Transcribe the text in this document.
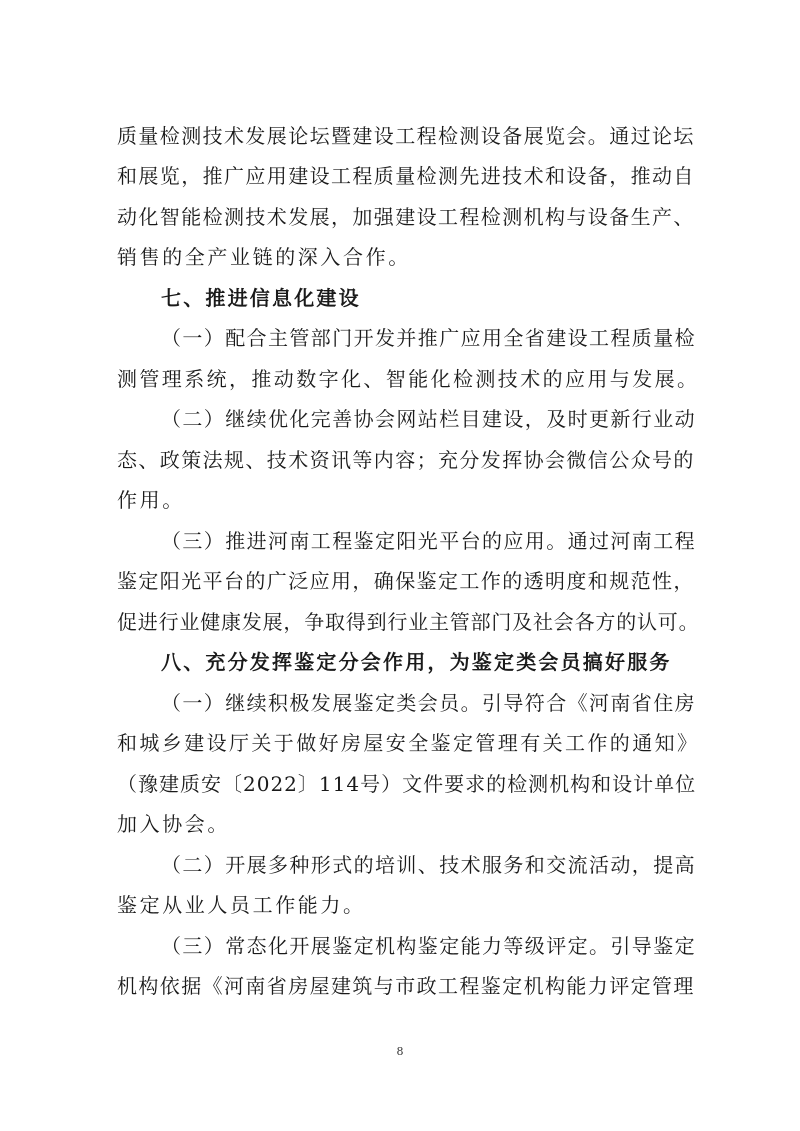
质量检测技术发展论坛暨建设工程检测设备展览会。通过论坛
和展览，推广应用建设工程质量检测先进技术和设备，推动自
动化智能检测技术发展，加强建设工程检测机构与设备生产、
销售的全产业链的深入合作。
七、推进信息化建设
（一）配合主管部门开发并推广应用全省建设工程质量检
测管理系统，推动数字化、智能化检测技术的应用与发展。
（二）继续优化完善协会网站栏目建设，及时更新行业动
态、政策法规、技术资讯等内容；充分发挥协会微信公众号的
作用。
（三）推进河南工程鉴定阳光平台的应用。通过河南工程
鉴定阳光平台的广泛应用，确保鉴定工作的透明度和规范性，
促进行业健康发展，争取得到行业主管部门及社会各方的认可。
八、充分发挥鉴定分会作用，为鉴定类会员搞好服务
（一）继续积极发展鉴定类会员。引导符合《河南省住房
和城乡建设厅关于做好房屋安全鉴定管理有关工作的通知》
（豫建质安〔2022〕114号）文件要求的检测机构和设计单位
加入协会。
（二）开展多种形式的培训、技术服务和交流活动，提高
鉴定从业人员工作能力。
（三）常态化开展鉴定机构鉴定能力等级评定。引导鉴定
机构依据《河南省房屋建筑与市政工程鉴定机构能力评定管理
8
